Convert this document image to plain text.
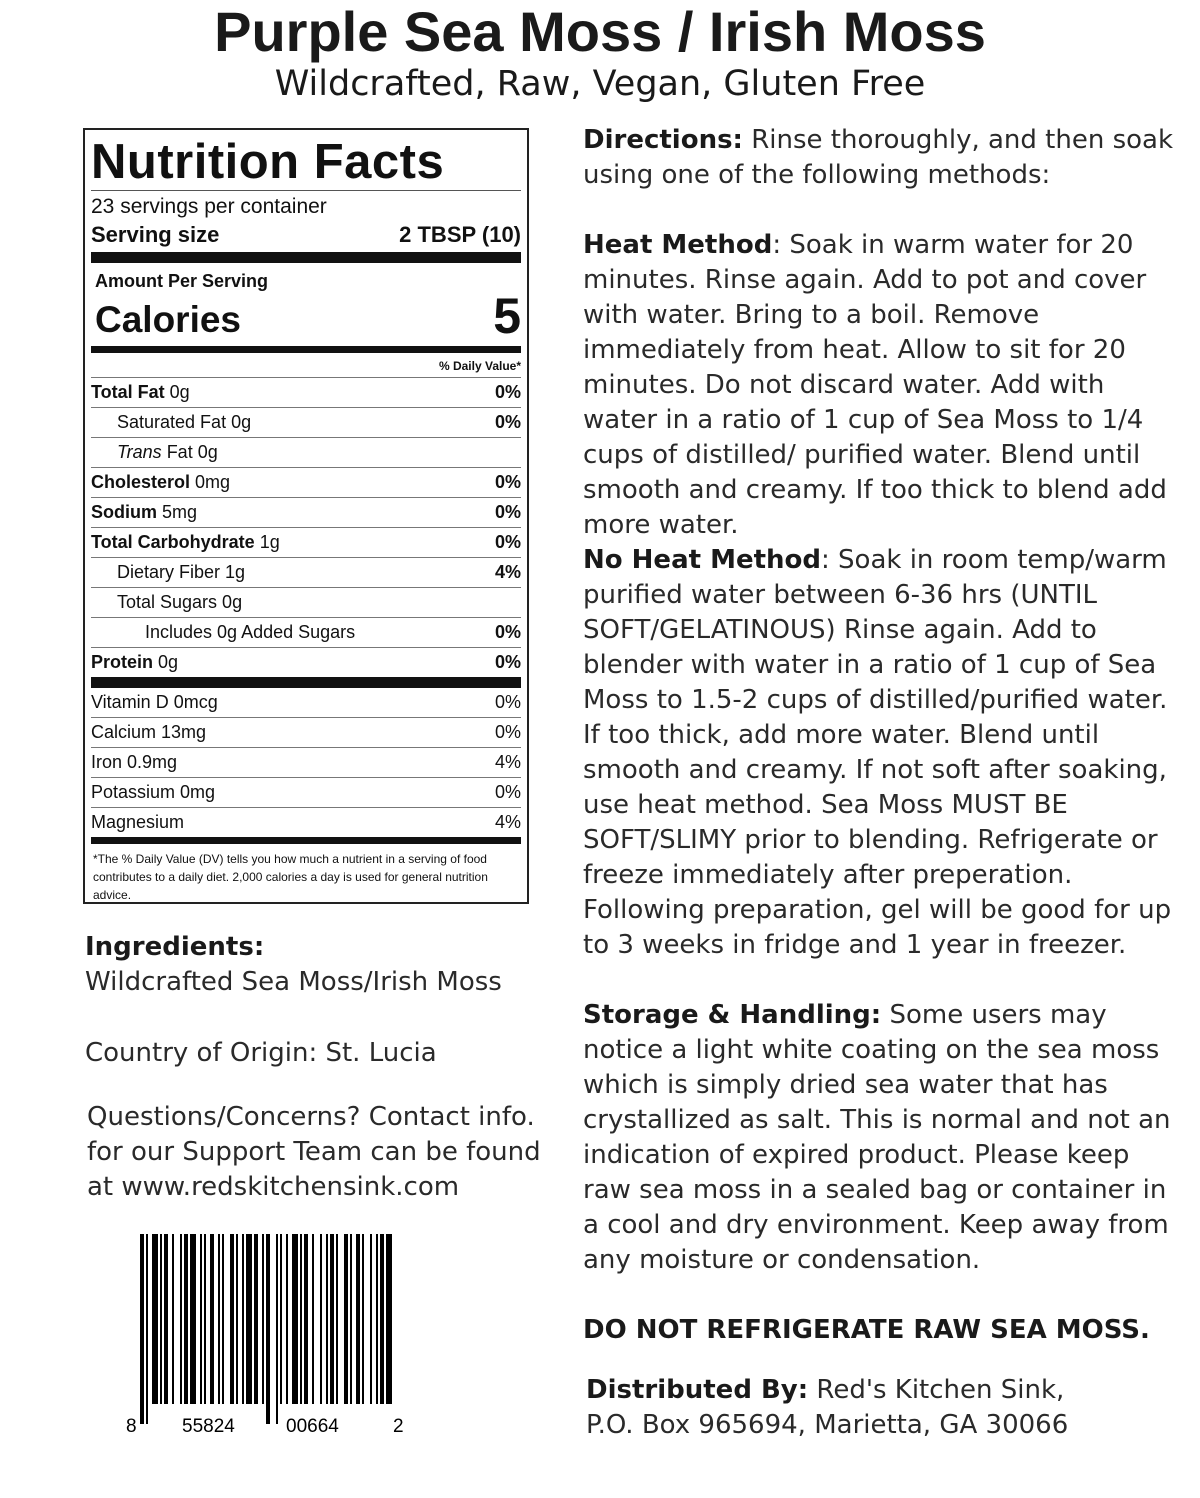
Purple Sea Moss / Irish Moss
Wildcrafted, Raw, Vegan, Gluten Free
Nutrition Facts
23 servings per container
Serving size	2 TBSP (10)
Amount Per Serving
Calories	5
% Daily Value*
Total Fat 0g	0%
Saturated Fat 0g	0%
Trans Fat 0g
Cholesterol 0mg	0%
Sodium 5mg	0%
Total Carbohydrate 1g	0%
Dietary Fiber 1g	4%
Total Sugars 0g
Includes 0g Added Sugars	0%
Protein 0g	0%
Vitamin D 0mcg	0%
Calcium 13mg	0%
Iron 0.9mg	4%
Potassium 0mg	0%
Magnesium	4%
*The % Daily Value (DV) tells you how much a nutrient in a serving of food contributes to a daily diet. 2,000 calories a day is used for general nutrition advice.
Ingredients:
Wildcrafted Sea Moss/Irish Moss
Country of Origin: St. Lucia
Questions/Concerns? Contact info. for our Support Team can be found at www.redskitchensink.com
8 55824	00664	2

Directions: Rinse thoroughly, and then soak using one of the following methods:

Heat Method: Soak in warm water for 20 minutes. Rinse again. Add to pot and cover with water. Bring to a boil. Remove immediately from heat. Allow to sit for 20 minutes. Do not discard water. Add with water in a ratio of 1 cup of Sea Moss to 1/4 cups of distilled/ purified water. Blend until smooth and creamy. If too thick to blend add more water.

No Heat Method: Soak in room temp/warm purified water between 6-36 hrs (UNTIL SOFT/GELATINOUS) Rinse again. Add to blender with water in a ratio of 1 cup of Sea Moss to 1.5-2 cups of distilled/purified water. If too thick, add more water. Blend until smooth and creamy. If not soft after soaking, use heat method. Sea Moss MUST BE SOFT/SLIMY prior to blending. Refrigerate or freeze immediately after preperation. Following preparation, gel will be good for up to 3 weeks in fridge and 1 year in freezer.

Storage & Handling: Some users may notice a light white coating on the sea moss which is simply dried sea water that has crystallized as salt. This is normal and not an indication of expired product. Please keep raw sea moss in a sealed bag or container in a cool and dry environment. Keep away from any moisture or condensation.

DO NOT REFRIGERATE RAW SEA MOSS.
Distributed By: Red's Kitchen Sink,
P.O. Box 965694, Marietta, GA 30066
